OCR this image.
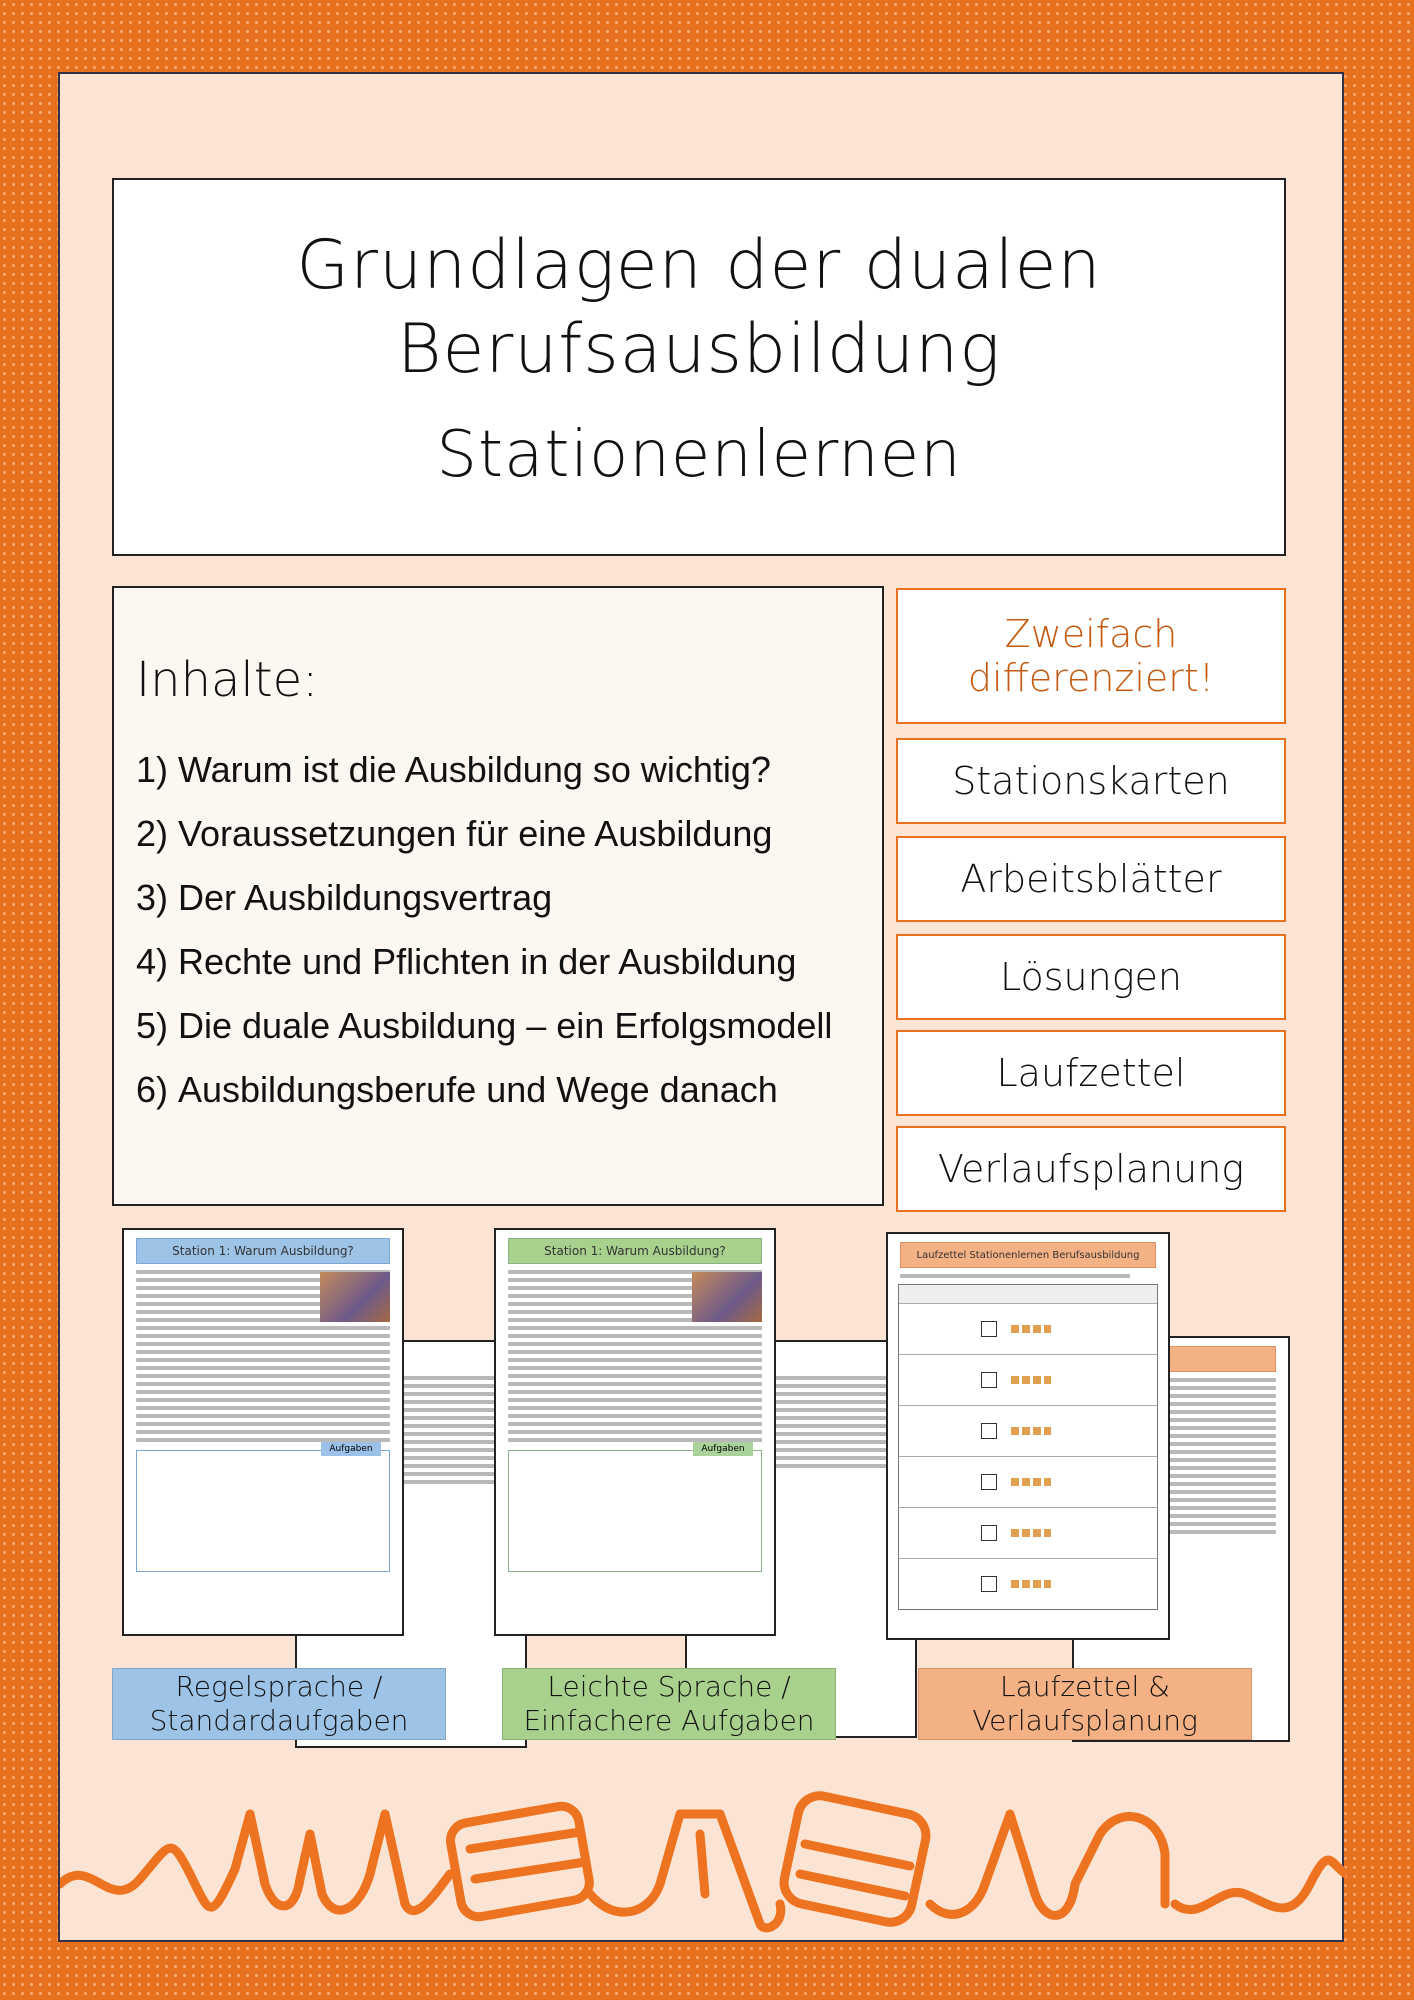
Grundlagen der dualen
Berufsausbildung
Stationenlernen
Inhalte:
1) Warum ist die Ausbildung so wichtig?
2) Voraussetzungen für eine Ausbildung
3) Der Ausbildungsvertrag
4) Rechte und Pflichten in der Ausbildung
5) Die duale Ausbildung – ein Erfolgsmodell
6) Ausbildungsberufe und Wege danach
Zweifach differenziert!
Stationskarten
Arbeitsblätter
Lösungen
Laufzettel
Verlaufsplanung
Station 1: Warum Ausbildung?
Aufgaben
Station 1: Warum Ausbildung?
Aufgaben
Laufzettel Stationenlernen Berufsausbildung
Regelsprache / Standardaufgaben
Leichte Sprache / Einfachere Aufgaben
Laufzettel & Verlaufsplanung
